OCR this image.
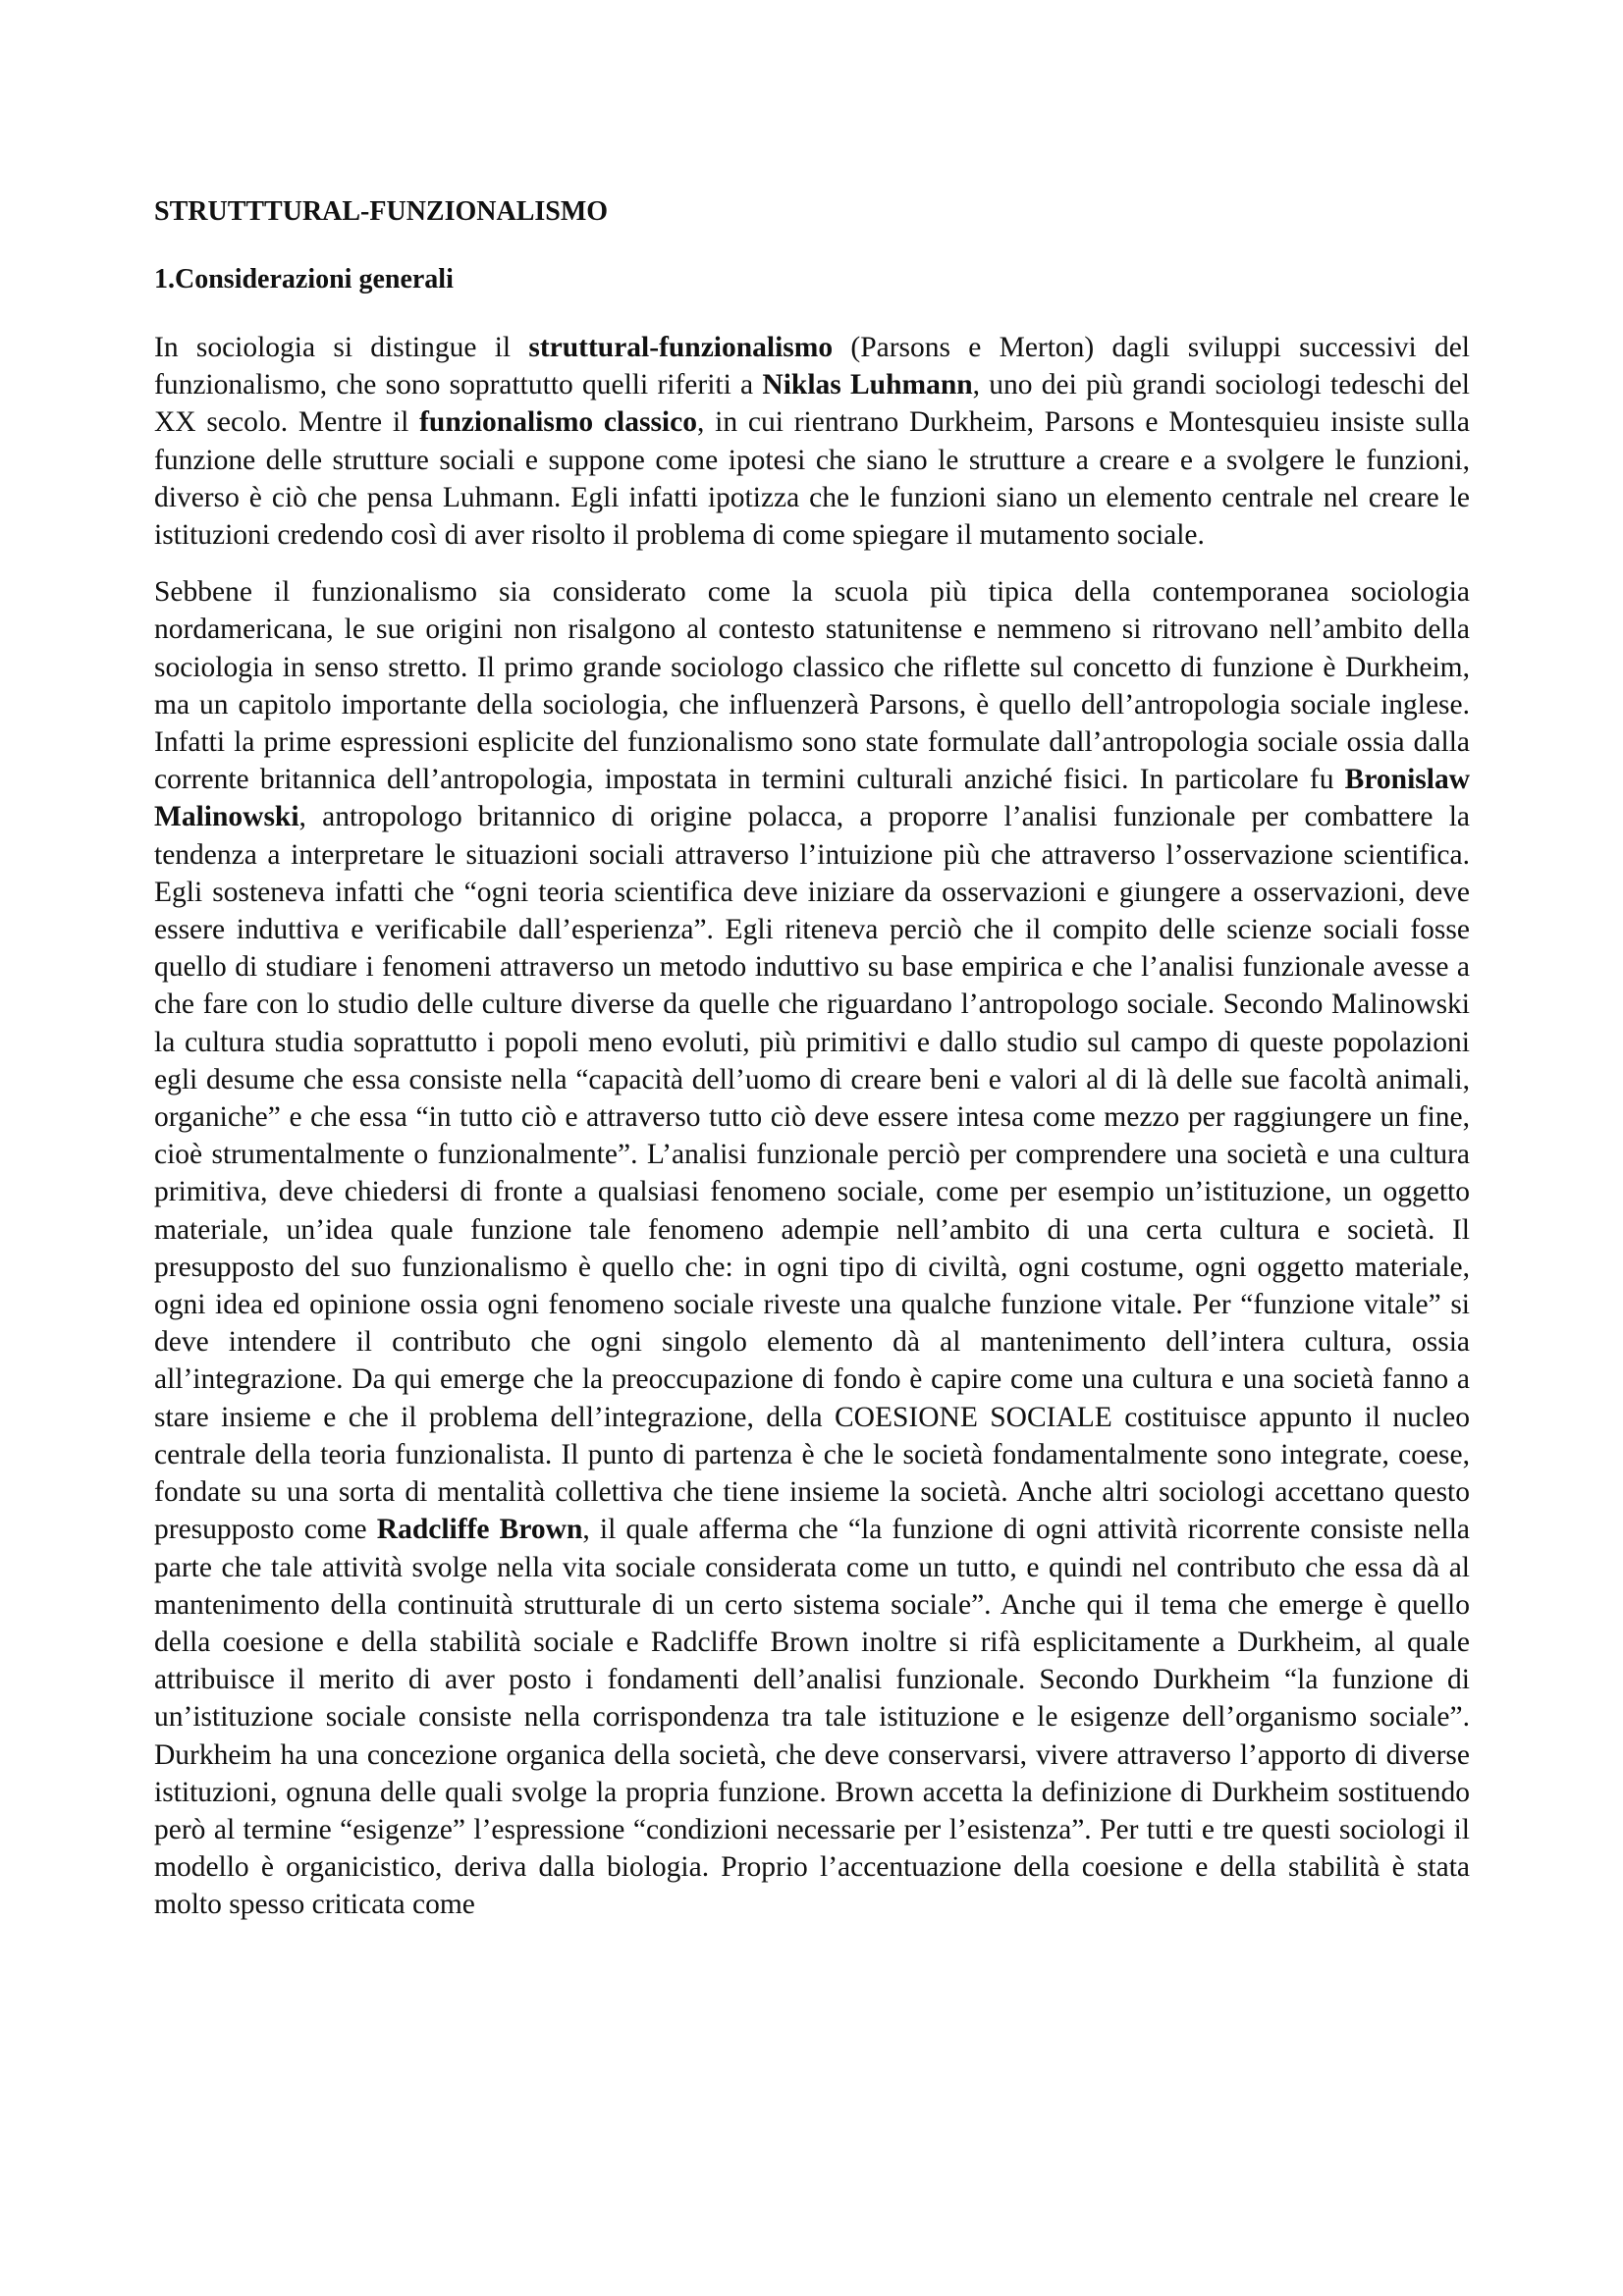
STRUTTTURAL-FUNZIONALISMO
1.Considerazioni generali

In sociologia si distingue il struttural-funzionalismo (Parsons e Merton) dagli sviluppi successivi del funzionalismo, che sono soprattutto quelli riferiti a Niklas Luhmann, uno dei più grandi sociologi tedeschi del XX secolo. Mentre il funzionalismo classico, in cui rientrano Durkheim, Parsons e Montesquieu insiste sulla funzione delle strutture sociali e suppone come ipotesi che siano le strutture a creare e a svolgere le funzioni, diverso è ciò che pensa Luhmann. Egli infatti ipotizza che le funzioni siano un elemento centrale nel creare le istituzioni credendo così di aver risolto il problema di come spiegare il mutamento sociale.

Sebbene il funzionalismo sia considerato come la scuola più tipica della contemporanea sociologia nordamericana, le sue origini non risalgono al contesto statunitense e nemmeno si ritrovano nell’ambito della sociologia in senso stretto. Il primo grande sociologo classico che riflette sul concetto di funzione è Durkheim, ma un capitolo importante della sociologia, che influenzerà Parsons, è quello dell’antropologia sociale inglese. Infatti la prime espressioni esplicite del funzionalismo sono state formulate dall’antropologia sociale ossia dalla corrente britannica dell’antropologia, impostata in termini culturali anziché fisici. In particolare fu Bronislaw Malinowski, antropologo britannico di origine polacca, a proporre l’analisi funzionale per combattere la tendenza a interpretare le situazioni sociali attraverso l’intuizione più che attraverso l’osservazione scientifica. Egli sosteneva infatti che “ogni teoria scientifica deve iniziare da osservazioni e giungere a osservazioni, deve essere induttiva e verificabile dall’esperienza”. Egli riteneva perciò che il compito delle scienze sociali fosse quello di studiare i fenomeni attraverso un metodo induttivo su base empirica e che l’analisi funzionale avesse a che fare con lo studio delle culture diverse da quelle che riguardano l’antropologo sociale. Secondo Malinowski la cultura studia soprattutto i popoli meno evoluti, più primitivi e dallo studio sul campo di queste popolazioni egli desume che essa consiste nella “capacità dell’uomo di creare beni e valori al di là delle sue facoltà animali, organiche” e che essa “in tutto ciò e attraverso tutto ciò deve essere intesa come mezzo per raggiungere un fine, cioè strumentalmente o funzionalmente”. L’analisi funzionale perciò per comprendere una società e una cultura primitiva, deve chiedersi di fronte a qualsiasi fenomeno sociale, come per esempio un’istituzione, un oggetto materiale, un’idea quale funzione tale fenomeno adempie nell’ambito di una certa cultura e società. Il presupposto del suo funzionalismo è quello che: in ogni tipo di civiltà, ogni costume, ogni oggetto materiale, ogni idea ed opinione ossia ogni fenomeno sociale riveste una qualche funzione vitale. Per “funzione vitale” si deve intendere il contributo che ogni singolo elemento dà al mantenimento dell’intera cultura, ossia all’integrazione. Da qui emerge che la preoccupazione di fondo è capire come una cultura e una società fanno a stare insieme e che il problema dell’integrazione, della COESIONE SOCIALE costituisce appunto il nucleo centrale della teoria funzionalista. Il punto di partenza è che le società fondamentalmente sono integrate, coese, fondate su una sorta di mentalità collettiva che tiene insieme la società. Anche altri sociologi accettano questo presupposto come Radcliffe Brown, il quale afferma che “la funzione di ogni attività ricorrente consiste nella parte che tale attività svolge nella vita sociale considerata come un tutto, e quindi nel contributo che essa dà al mantenimento della continuità strutturale di un certo sistema sociale”. Anche qui il tema che emerge è quello della coesione e della stabilità sociale e Radcliffe Brown inoltre si rifà esplicitamente a Durkheim, al quale attribuisce il merito di aver posto i fondamenti dell’analisi funzionale. Secondo Durkheim “la funzione di un’istituzione sociale consiste nella corrispondenza tra tale istituzione e le esigenze dell’organismo sociale”. Durkheim ha una concezione organica della società, che deve conservarsi, vivere attraverso l’apporto di diverse istituzioni, ognuna delle quali svolge la propria funzione. Brown accetta la definizione di Durkheim sostituendo però al termine “esigenze” l’espressione “condizioni necessarie per l’esistenza”. Per tutti e tre questi sociologi il modello è organicistico, deriva dalla biologia. Proprio l’accentuazione della coesione e della stabilità è stata molto spesso criticata come
